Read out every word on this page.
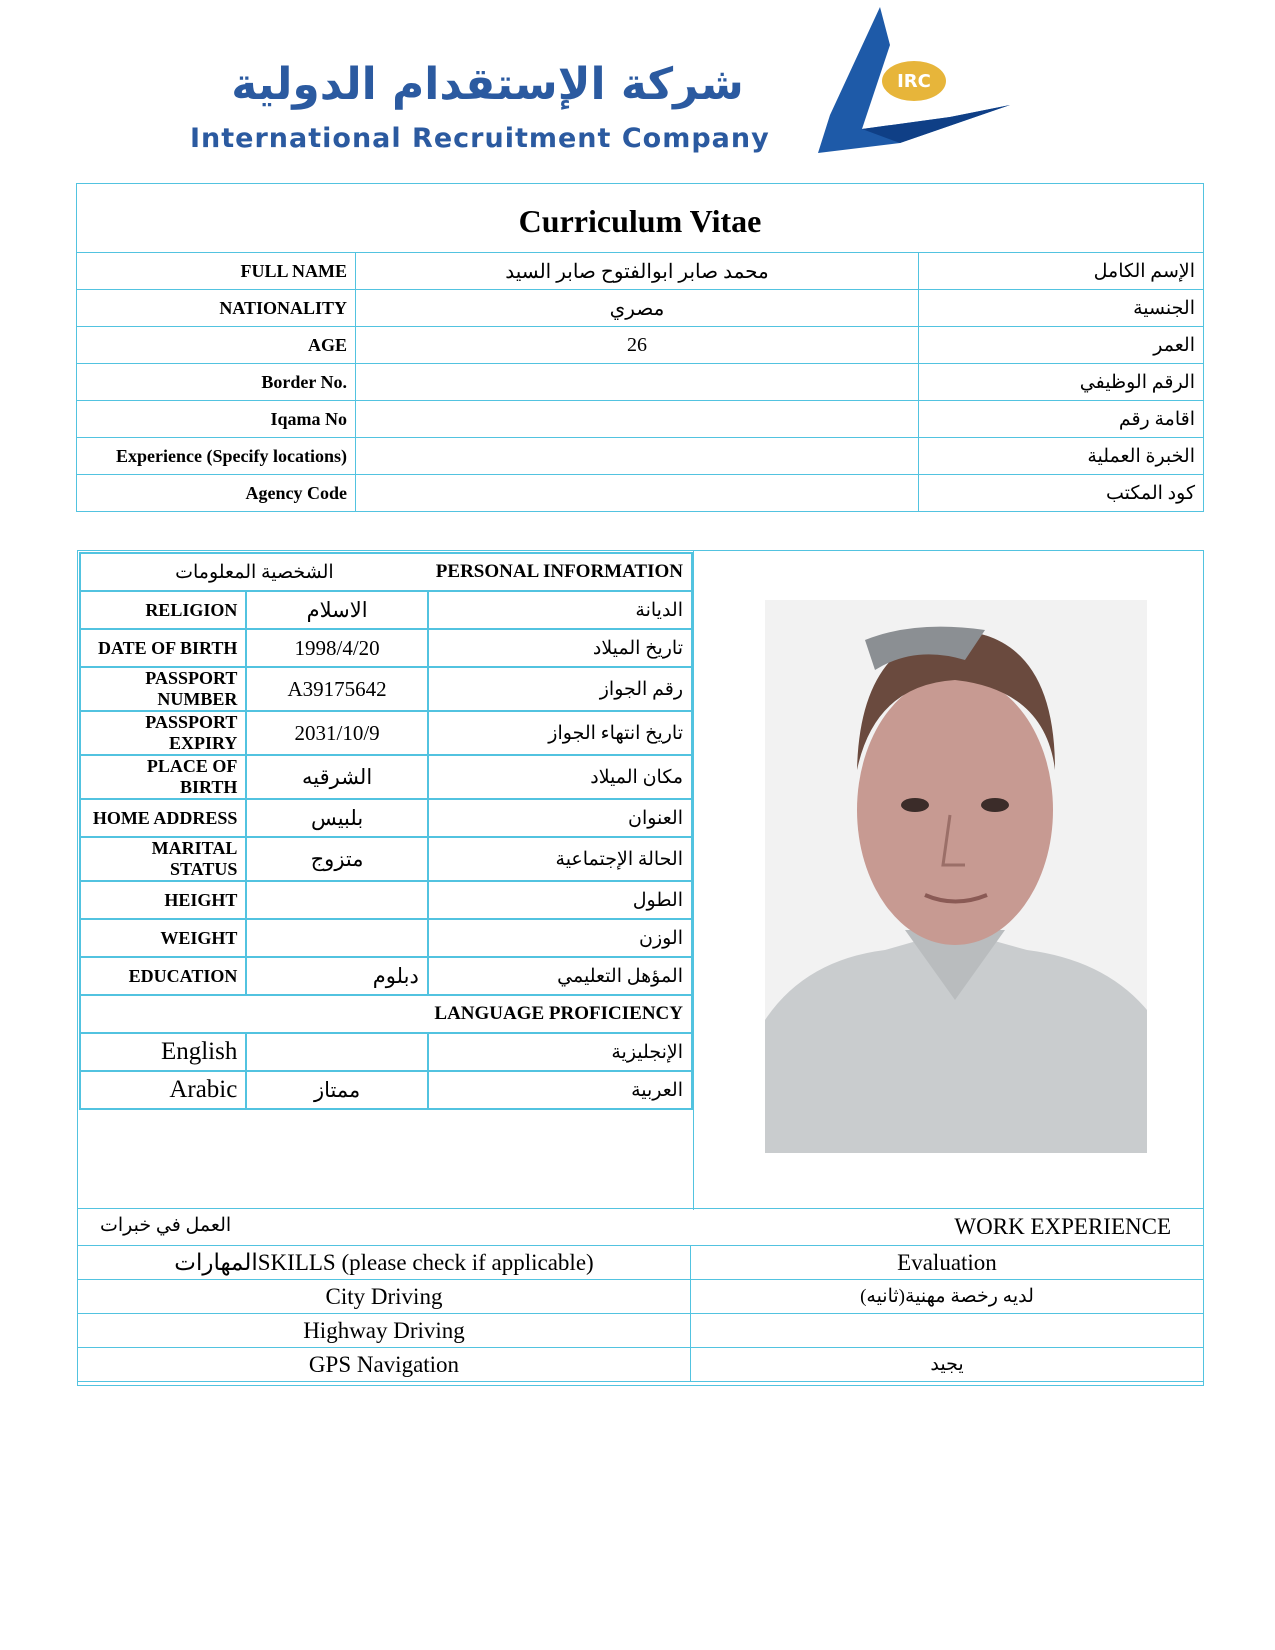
شركة الإستقدام الدولية
International Recruitment Company
IRC
Curriculum Vitae		
FULL NAME	محمد صابر ابوالفتوح صابر السيد	الإسم الكامل
NATIONALITY	مصري	الجنسية
AGE	26	العمر
Border No.		الرقم الوظيفي
Iqama No		اقامة رقم
Experience (Specify locations)		الخبرة العملية
Agency Code		كود المكتب
الشخصية المعلومات		PERSONAL INFORMATION
RELIGION	الاسلام	الديانة
DATE OF BIRTH	1998/4/20	تاريخ الميلاد
PASSPORT NUMBER	A39175642	رقم الجواز
PASSPORT EXPIRY	2031/10/9	تاريخ انتهاء الجواز
PLACE OF BIRTH	الشرقيه	مكان الميلاد
HOME ADDRESS	بلبيس	العنوان
MARITAL STATUS	متزوج	الحالة الإجتماعية
HEIGHT		الطول
WEIGHT		الوزن
EDUCATION	دبلوم	المؤهل التعليمي
LANGUAGE PROFICIENCY		
English		الإنجليزية
Arabic	ممتاز	العربية
العمل في خبرات WORK EXPERIENCE	

المهاراتSKILLS (please check if applicable)	Evaluation
City Driving	لديه رخصة مهنية(ثانيه)
Highway Driving	
GPS Navigation	يجيد
